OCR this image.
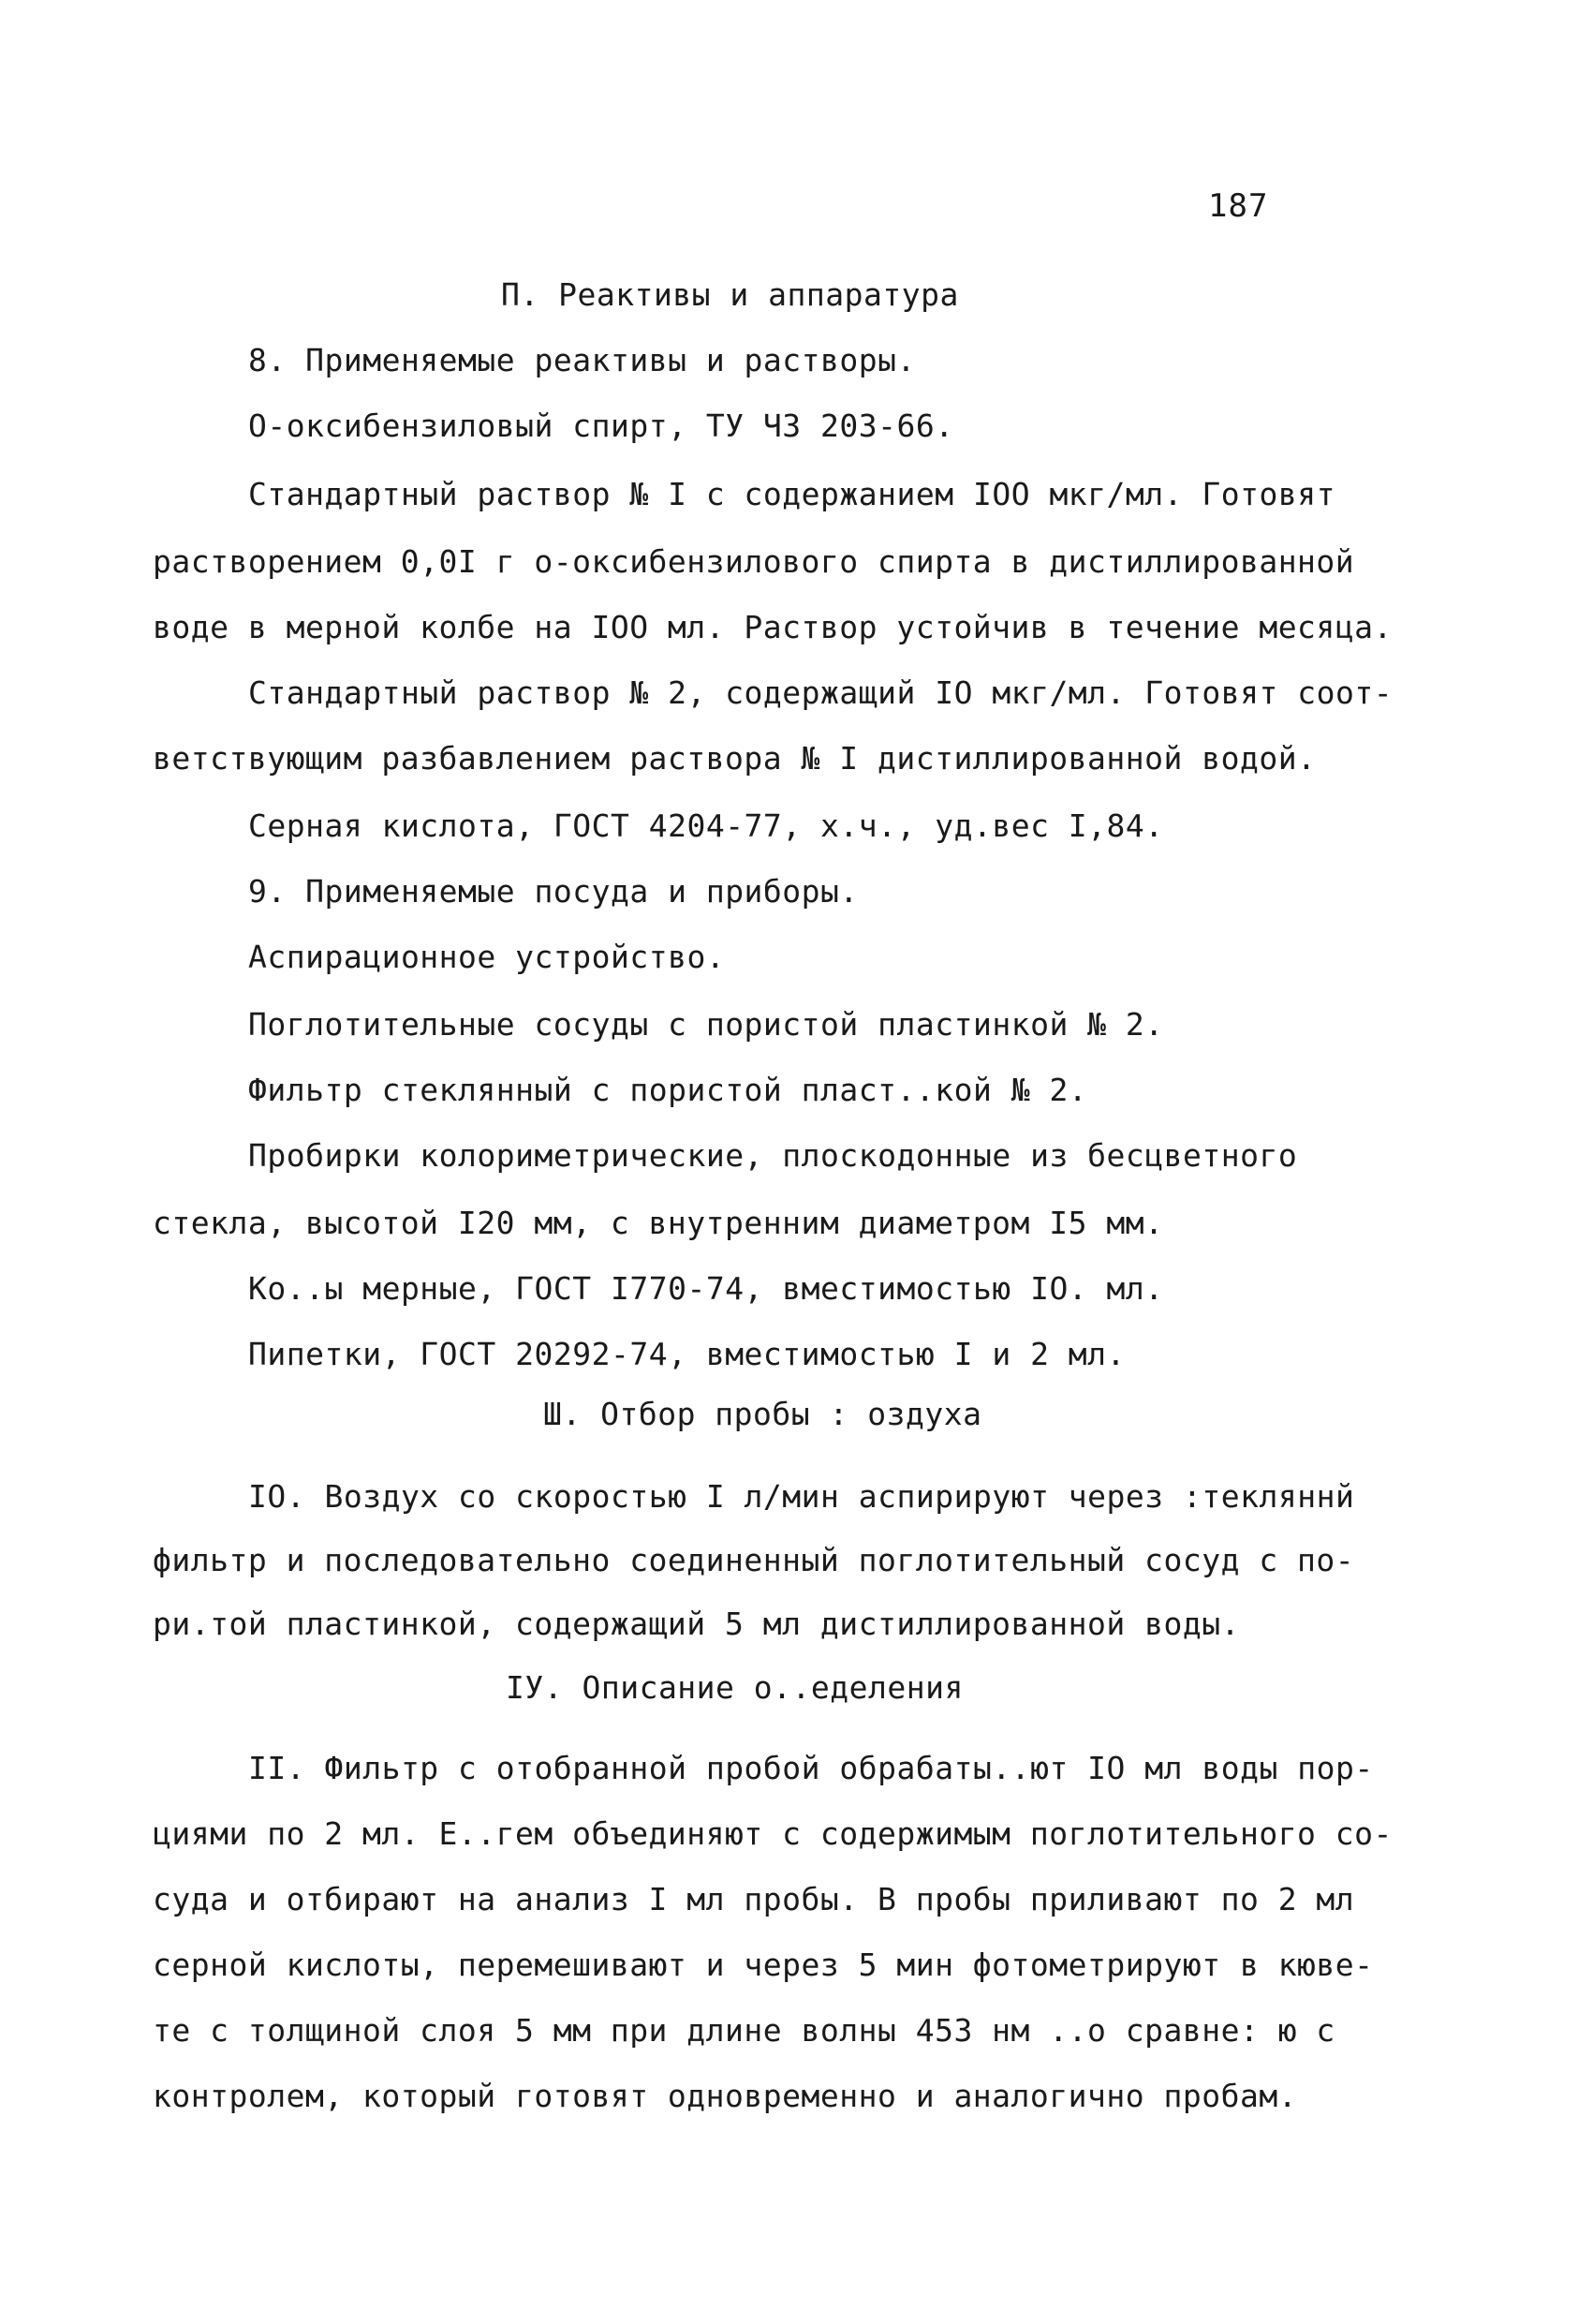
187
П. Реактивы и аппаратура
8. Применяемые реактивы и растворы.
О-оксибензиловый спирт, ТУ ЧЗ 203-66.
Стандартный раствор № I с содержанием IOO мкг/мл. Готовят
растворением 0,0I г о-оксибензилового спирта в дистиллированной
воде в мерной колбе на IOO мл. Раствор устойчив в течение месяца.
Стандартный раствор № 2, содержащий IO мкг/мл. Готовят соот-
ветствующим разбавлением раствора № I дистиллированной водой.
Серная кислота, ГОСТ 4204-77, х.ч., уд.вес I,84.
9. Применяемые посуда и приборы.
Аспирационное устройство.
Поглотительные сосуды с пористой пластинкой № 2.
Фильтр стеклянный с пористой пласт..кой № 2.
Пробирки колориметрические, плоскодонные из бесцветного
стекла, высотой I20 мм, с внутренним диаметром I5 мм.
Ко..ы мерные, ГОСТ I770-74, вместимостью IO. мл.
Пипетки, ГОСТ 20292-74, вместимостью I и 2 мл.
Ш. Отбор пробы : оздуха
IO. Воздух со скоростью I л/мин аспирируют через :текляннй
фильтр и последовательно соединенный поглотительный сосуд с по-
ри.той пластинкой, содержащий 5 мл дистиллированной воды.
IУ. Описание о..еделения
II. Фильтр с отобранной пробой обрабаты..ют IO мл воды пор-
циями по 2 мл. Е..гем объединяют с содержимым поглотительного со-
суда и отбирают на анализ I мл пробы. В пробы приливают по 2 мл
серной кислоты, перемешивают и через 5 мин фотометрируют в кюве-
те с толщиной слоя 5 мм при длине волны 453 нм ..о сравне: ю с
контролем, который готовят одновременно и аналогично пробам.
